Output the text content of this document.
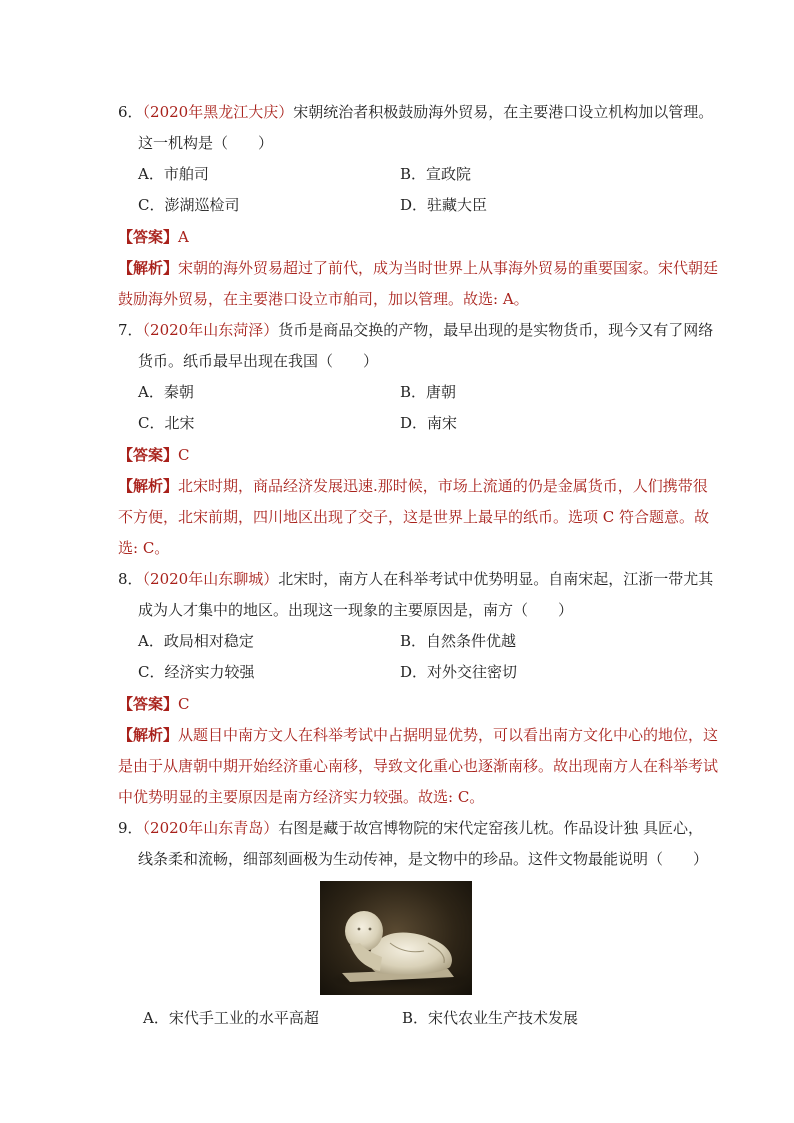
6．（2020年黑龙江大庆）宋朝统治者积极鼓励海外贸易，在主要港口设立机构加以管理。
这一机构是（　　）
A．市舶司	B．宣政院
C．澎湖巡检司	D．驻藏大臣
【答案】A
【解析】宋朝的海外贸易超过了前代，成为当时世界上从事海外贸易的重要国家。宋代朝廷
鼓励海外贸易，在主要港口设立市舶司，加以管理。故选: A。
7．（2020年山东菏泽）货币是商品交换的产物，最早出现的是实物货币，现今又有了网络
货币。纸币最早出现在我国（　　）
A．秦朝	B．唐朝
C．北宋	D．南宋
【答案】C
【解析】北宋时期，商品经济发展迅速.那时候，市场上流通的仍是金属货币，人们携带很
不方便，北宋前期，四川地区出现了交子，这是世界上最早的纸币。选项 C 符合题意。故
选: C。
8．（2020年山东聊城）北宋时，南方人在科举考试中优势明显。自南宋起，江浙一带尤其
成为人才集中的地区。出现这一现象的主要原因是，南方（　　）
A．政局相对稳定	B．自然条件优越
C．经济实力较强	D．对外交往密切
【答案】C
【解析】从题目中南方文人在科举考试中占据明显优势，可以看出南方文化中心的地位，这
是由于从唐朝中期开始经济重心南移，导致文化重心也逐渐南移。故出现南方人在科举考试
中优势明显的主要原因是南方经济实力较强。故选: C。
9．（2020年山东青岛）右图是藏于故宫博物院的宋代定窑孩儿枕。作品设计独 具匠心，
线条柔和流畅，细部刻画极为生动传神，是文物中的珍品。这件文物最能说明（　　）
A．宋代手工业的水平高超	B．宋代农业生产技术发展
